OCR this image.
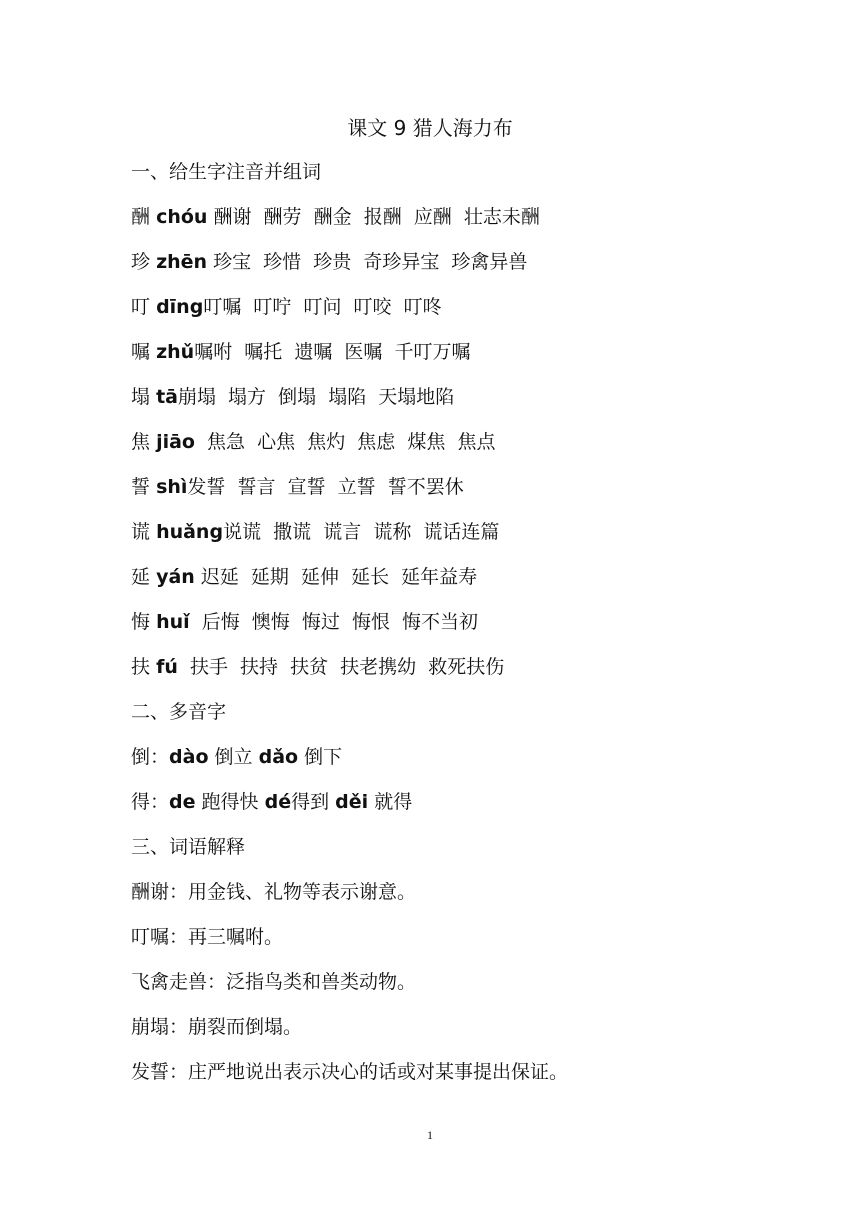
课文 9 猎人海力布
一、给生字注音并组词
酬 chóu 酬谢  酬劳  酬金  报酬  应酬  壮志未酬
珍 zhēn 珍宝  珍惜  珍贵  奇珍异宝  珍禽异兽
叮 dīng叮嘱  叮咛  叮问  叮咬  叮咚
嘱 zhǔ嘱咐  嘱托  遗嘱  医嘱  千叮万嘱
塌 tā崩塌  塌方  倒塌  塌陷  天塌地陷
焦 jiāo  焦急  心焦  焦灼  焦虑  煤焦  焦点
誓 shì发誓  誓言  宣誓  立誓  誓不罢休
谎 huǎng说谎  撒谎  谎言  谎称  谎话连篇
延 yán 迟延  延期  延伸  延长  延年益寿
悔 huǐ  后悔  懊悔  悔过  悔恨  悔不当初
扶 fú  扶手  扶持  扶贫  扶老携幼  救死扶伤
二、多音字
倒：dào 倒立 dǎo 倒下
得：de 跑得快 dé得到 děi 就得
三、词语解释
酬谢：用金钱、礼物等表示谢意。
叮嘱：再三嘱咐。
飞禽走兽：泛指鸟类和兽类动物。
崩塌：崩裂而倒塌。
发誓：庄严地说出表示决心的话或对某事提出保证。
1
